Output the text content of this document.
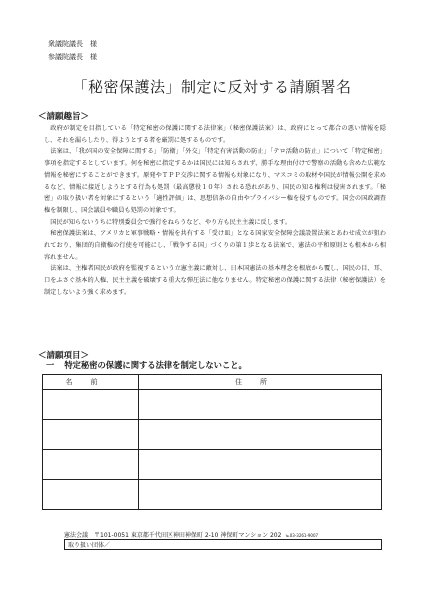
衆議院議長　様
参議院議長　様
「秘密保護法」制定に反対する請願署名
＜請願趣旨＞

政府が制定を目指している「特定秘密の保護に関する法律案」（秘密保護法案）は、政府にとって都合の悪い情報を隠し、それを漏らしたり、得ようとする者を厳罰に処するものです。

法案は、「我が国の安全保障に関する」「防衛」「外交」「特定有害活動の防止」「テロ活動の防止」について「特定秘密」事項を指定するとしています。何を秘密に指定するかは国民には知らされず、勝手な理由付けで警察の活動も含めた広範な情報を秘密にすることができます。原発やＴＰＰ交渉に関する情報も対象になり、マスコミの取材や国民が情報公開を求めるなど、情報に接近しようとする行為も処罰（最高懲役１０年）される恐れがあり、国民の知る権利は侵害されます。「秘密」の取り扱い者を対象にするという「適性評価」は、思想信条の自由やプライバシー権を侵すものです。国会の国政調査権を制限し、国会議員や職員も処罰の対象です。

国民が知らないうちに特別委員会で強行をねらうなど、やり方も民主主義に反します。

秘密保護法案は、アメリカと軍事戦略・情報を共有する「受け皿」となる国家安全保障会議設置法案とあわせ成立が狙われており、集団的自衛権の行使を可能にし、「戦争する国」づくりの第１歩となる法案で、憲法の平和原則とも根本から相容れません。

法案は、主権者国民が政府を監視するという立憲主義に敵対し、日本国憲法の基本理念を根底から覆し、国民の目、耳、口をふさぐ基本的人権、民主主義を破壊する重大な弾圧法に他なりません。特定秘密の保護に関する法律（秘密保護法）を制定しないよう強く求めます。

＜請願項目＞
一 特定秘密の保護に関する法律を制定しないこと。
名前	住所

憲法会議 〒101-0051 東京都千代田区神田神保町 2-10 神保町マンション 202 ℡03-3261-9007
取り扱い団体／
